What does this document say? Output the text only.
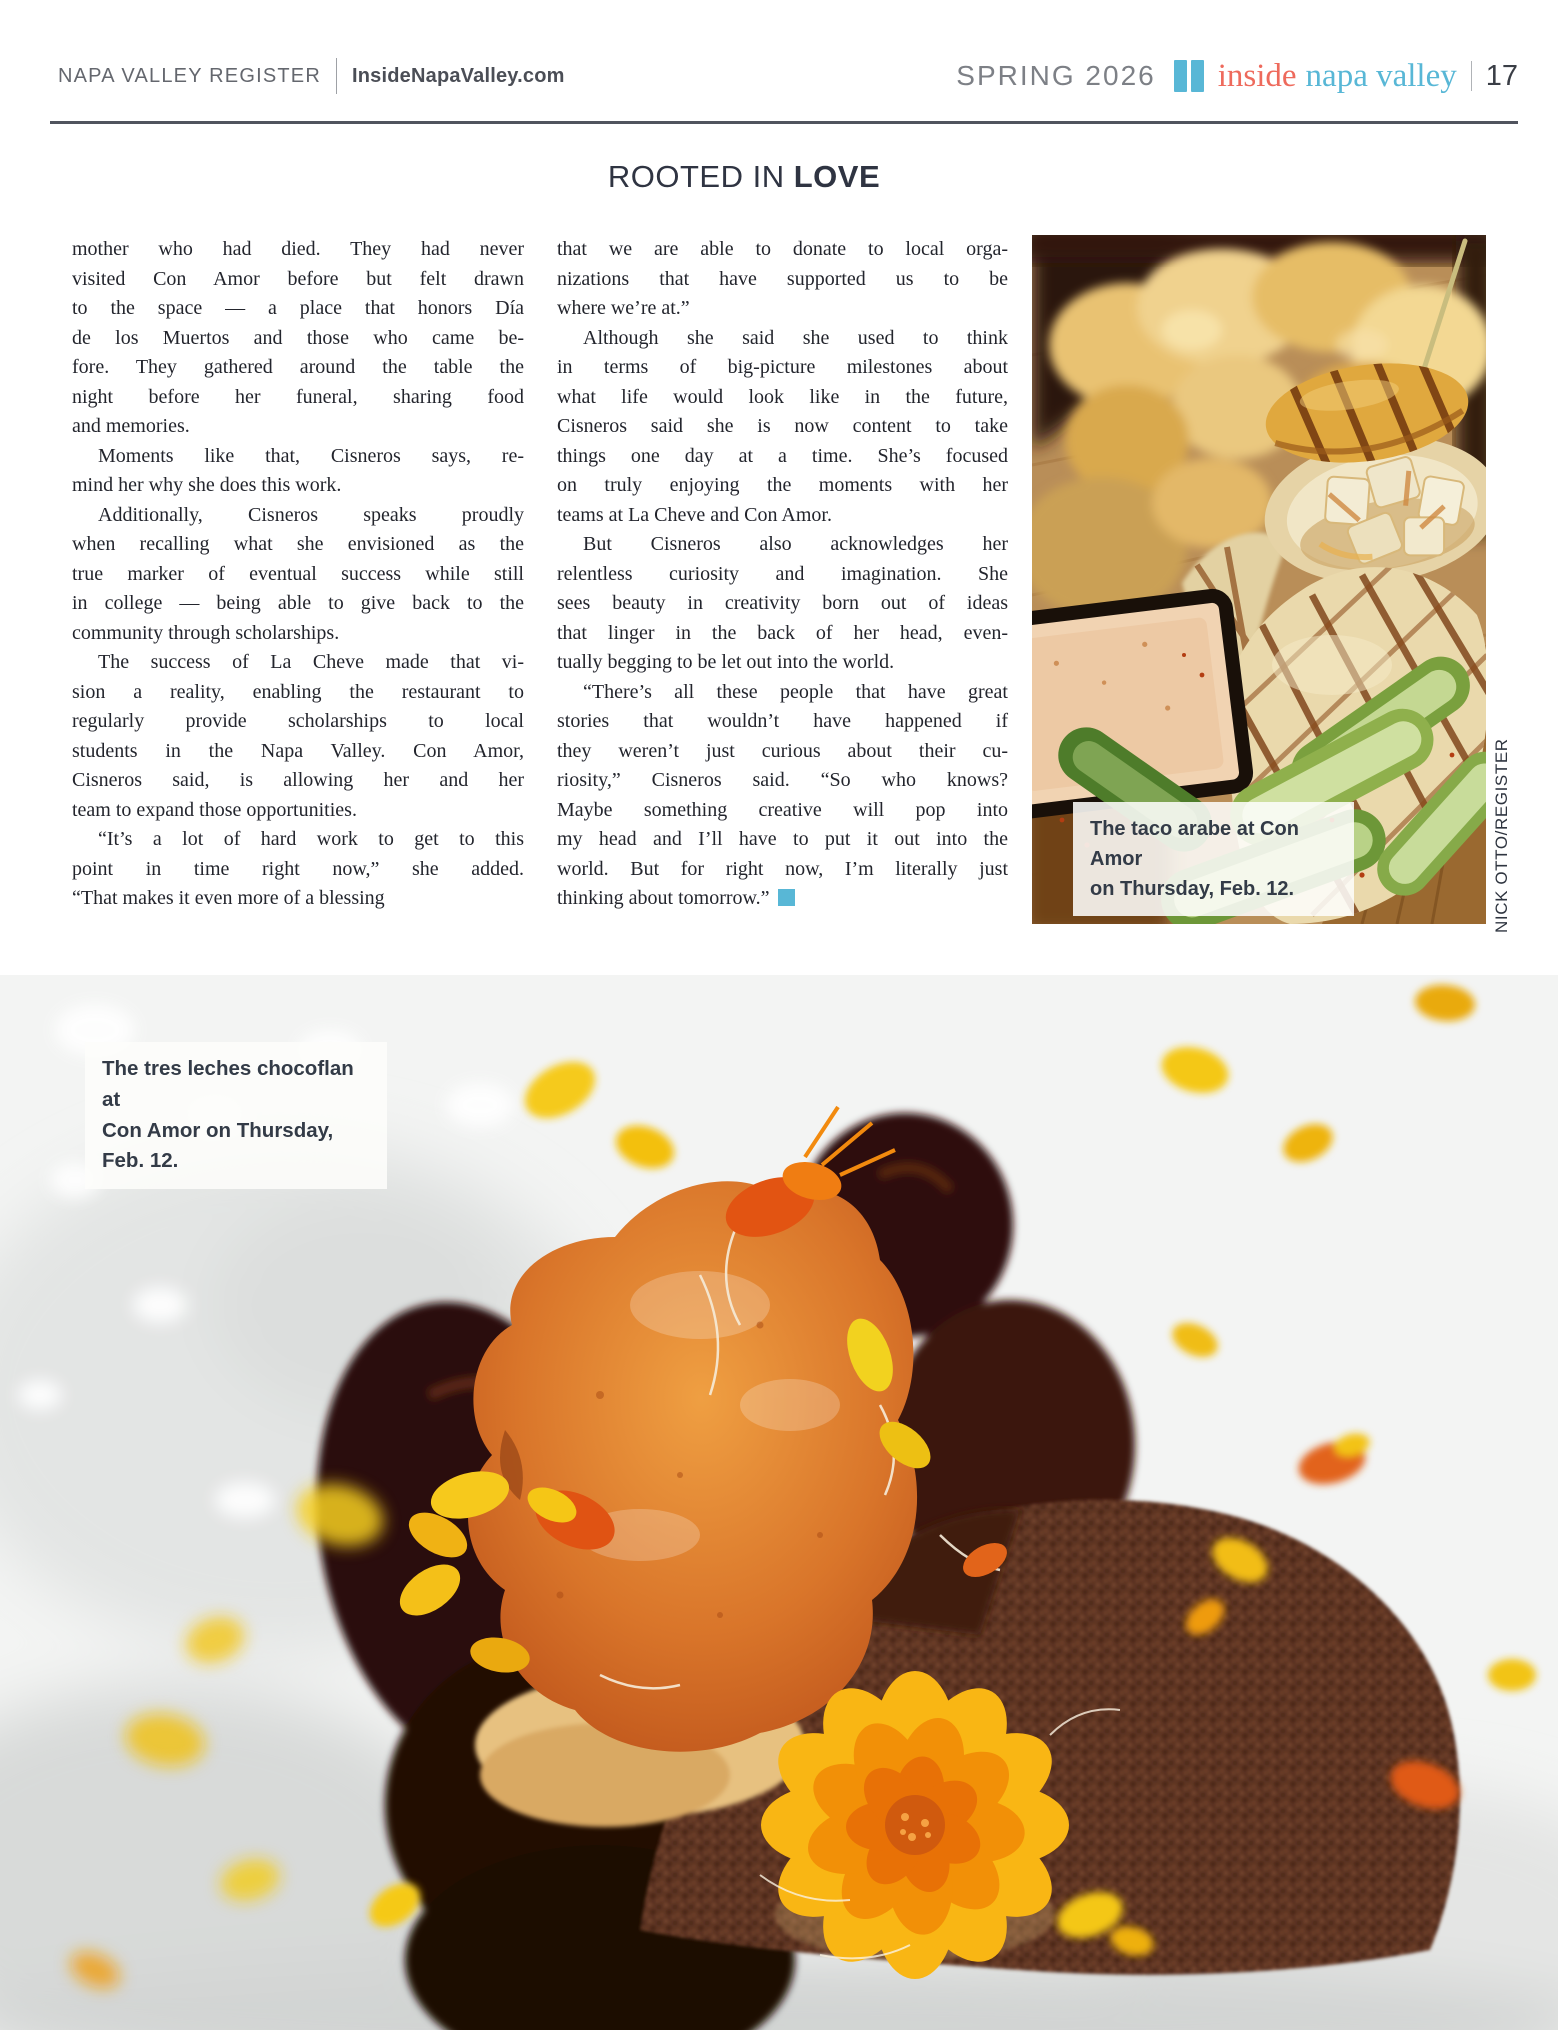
NAPA VALLEY REGISTER InsideNapaValley.com	SPRING 2026 inside napa valley 17
ROOTED IN LOVE
mother who had died. They had never
visited Con Amor before but felt drawn
to the space — a place that honors Día
de los Muertos and those who came be-
fore. They gathered around the table the
night before her funeral, sharing food
and memories.
Moments like that, Cisneros says, re-
mind her why she does this work.
Additionally, Cisneros speaks proudly
when recalling what she envisioned as the
true marker of eventual success while still
in college — being able to give back to the
community through scholarships.
The success of La Cheve made that vi-
sion a reality, enabling the restaurant to
regularly provide scholarships to local
students in the Napa Valley. Con Amor,
Cisneros said, is allowing her and her
team to expand those opportunities.
“It’s a lot of hard work to get to this
point in time right now,” she added.
“That makes it even more of a blessing
that we are able to donate to local orga-
nizations that have supported us to be
where we’re at.”
Although she said she used to think
in terms of big-picture milestones about
what life would look like in the future,
Cisneros said she is now content to take
things one day at a time. She’s focused
on truly enjoying the moments with her
teams at La Cheve and Con Amor.
But Cisneros also acknowledges her
relentless curiosity and imagination. She
sees beauty in creativity born out of ideas
that linger in the back of her head, even-
tually begging to be let out into the world.
“There’s all these people that have great
stories that wouldn’t have happened if
they weren’t just curious about their cu-
riosity,” Cisneros said. “So who knows?
Maybe something creative will pop into
my head and I’ll have to put it out into the
world. But for right now, I’m literally just
thinking about tomorrow.”
The taco arabe at Con Amor
on Thursday, Feb. 12.	NICK OTTO/REGISTER
The tres leches chocoflan at
Con Amor on Thursday, Feb. 12.
